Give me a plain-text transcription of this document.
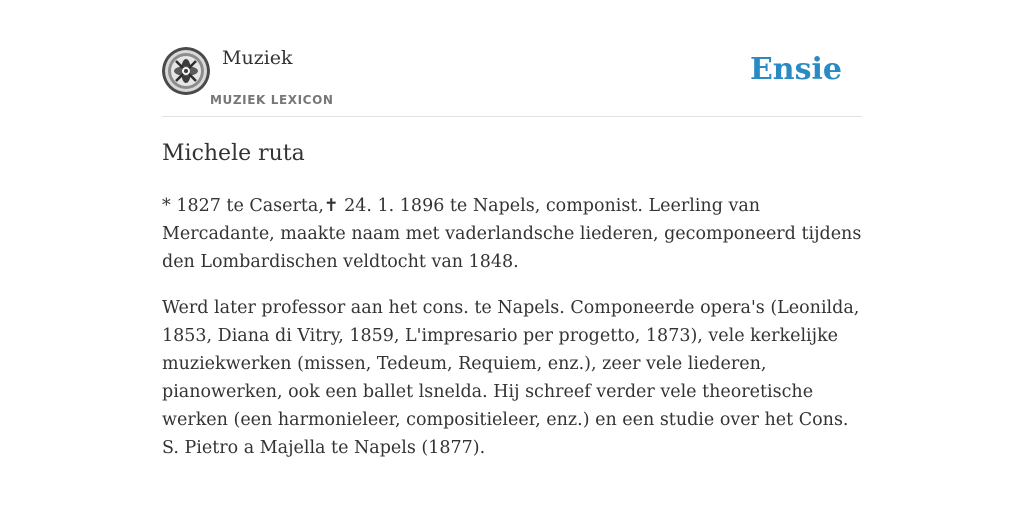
Muziek
MUZIEK LEXICON
Ensie
Michele ruta

* 1827 te Caserta,✝ 24. 1. 1896 te Napels, componist. Leerling van Mercadante, maakte naam met vaderlandsche liederen, gecomponeerd tijdens den Lombardischen veldtocht van 1848.

Werd later professor aan het cons. te Napels. Componeerde opera's (Leonilda, 1853, Diana di Vitry, 1859, L'impresario per progetto, 1873), vele kerkelijke muziekwerken (missen, Tedeum, Requiem, enz.), zeer vele liederen, pianowerken, ook een ballet lsnelda. Hij schreef verder vele theoretische werken (een harmonieleer, compositieleer, enz.) en een studie over het Cons. S. Pietro a Majella te Napels (1877).
